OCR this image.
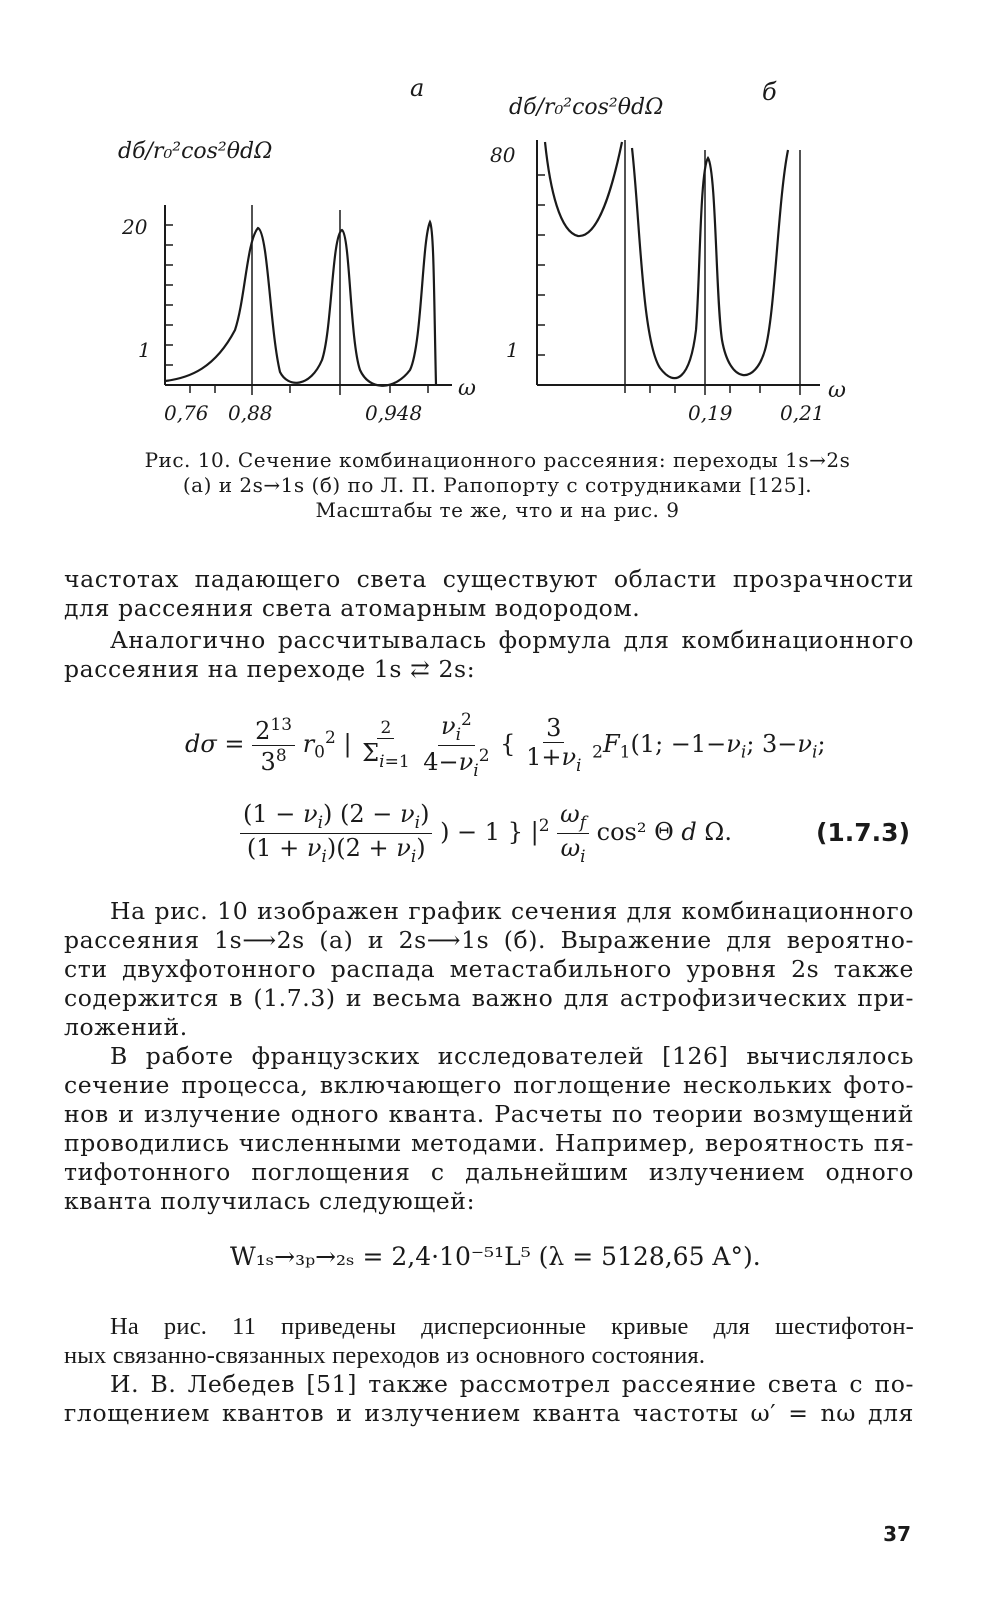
а
dб/r₀²cos²θdΩ
20
1
ω
0,76 0,88	0,948
б
dб/r₀²cos²θdΩ
80
1
ω
0,19 0,21
Рис. 10. Сечение комбинационного рассеяния: переходы 1s→2s
(а) и 2s→1s (б) по Л. П. Рапопорту с сотрудниками [125].
Масштабы те же, что и на рис. 9
частотах падающего света существуют области прозрачности
для рассеяния света атомарным водородом.
Аналогично рассчитывалась формула для комбинационного
рассеяния на переходе 1s ⇄ 2s:
$d\sigma = \frac{2^{13}}{3^8} r_0^2$ | $\frac{2}{\Sigma_{i=1}}$
$\frac{\nu_i^2}{4-\nu_i^2}$ { $\frac{3}{1+\nu_i} _2F_1(1$; $-1-\nu_i$; $3-\nu_i$;
$\frac{(1 - \nu_i) (2 - \nu_i)}{(1 + \nu_i)(2 + \nu_i)}$ ) − 1 } $|^2 \frac{\omega_f}{\omega_i} \cos^2$ Θ d Ω.	(1.7.3)
На рис. 10 изображен график сечения для комбинационного
рассеяния 1s⟶2s (а) и 2s⟶1s (б). Выражение для вероятно-
сти двухфотонного распада метастабильного уровня 2s также
содержится в (1.7.3) и весьма важно для астрофизических при-
ложений.
В работе французских исследователей [126] вычислялось
сечение процесса, включающего поглощение нескольких фото-
нов и излучение одного кванта. Расчеты по теории возмущений
проводились численными методами. Например, вероятность пя-
тифотонного поглощения с дальнейшим излучением одного
кванта получилась следующей:
W₁ₛ→₃ₚ→₂ₛ = 2,4·10⁻⁵¹L⁵ (λ = 5128,65 A°).
На рис. 11 приведены дисперсионные кривые для шестифотон-
ных связанно-связанных переходов из основного состояния.
И. В. Лебедев [51] также рассмотрел рассеяние света с по-
глощением квантов и излучением кванта частоты ω′ = nω для
37
